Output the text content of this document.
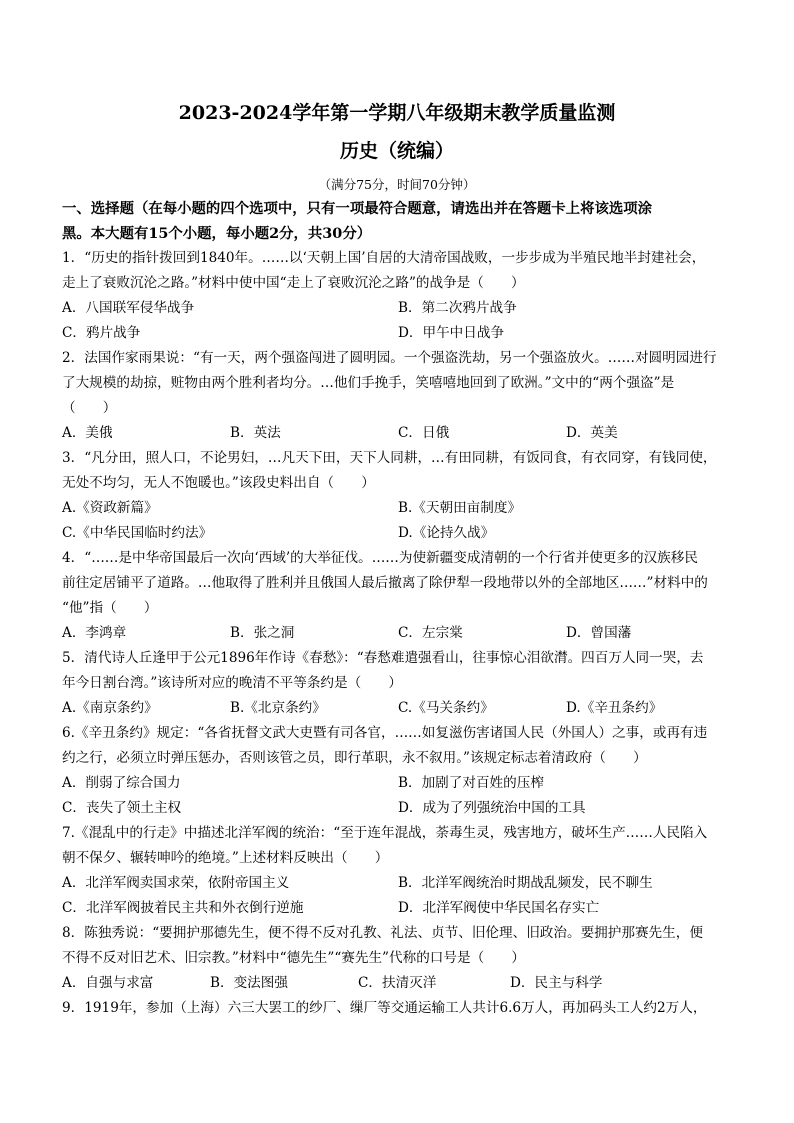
2023-2024学年第一学期八年级期末教学质量监测
历史（统编）
（满分75分，时间70分钟）
一、选择题（在每小题的四个选项中，只有一项最符合题意，请选出并在答题卡上将该选项涂
黑。本大题有15个小题，每小题2分，共30分）
1．“历史的指针拨回到1840年。……以‘天朝上国’自居的大清帝国战败，一步步成为半殖民地半封建社会，
走上了衰败沉沦之路。”材料中使中国“走上了衰败沉沦之路”的战争是（　　）
A．八国联军侵华战争	B．第二次鸦片战争
C．鸦片战争	D．甲午中日战争
2．法国作家雨果说：“有一天，两个强盗闯进了圆明园。一个强盗洗劫，另一个强盗放火。……对圆明园进行
了大规模的劫掠，赃物由两个胜利者均分。…他们手挽手，笑嘻嘻地回到了欧洲。”文中的“两个强盗”是
（　　）
A．美俄	B．英法	C．日俄	D．英美
3．“凡分田，照人口，不论男妇，…凡天下田，天下人同耕，…有田同耕，有饭同食，有衣同穿，有钱同使，
无处不均匀，无人不饱暖也。”该段史料出自（　　）
A.《资政新篇》	B.《天朝田亩制度》
C.《中华民国临时约法》	D.《论持久战》
4．“……是中华帝国最后一次向‘西域’的大举征伐。……为使新疆变成清朝的一个行省并使更多的汉族移民
前往定居铺平了道路。…他取得了胜利并且俄国人最后撤离了除伊犁一段地带以外的全部地区……”材料中的
“他”指（　　）
A．李鸿章	B．张之洞	C．左宗棠	D．曾国藩
5．清代诗人丘逢甲于公元1896年作诗《春愁》：“春愁难遣强看山，往事惊心泪欲潸。四百万人同一哭，去
年今日割台湾。”该诗所对应的晚清不平等条约是（　　）
A.《南京条约》	B.《北京条约》	C.《马关条约》	D.《辛丑条约》
6.《辛丑条约》规定：“各省抚督文武大吏暨有司各官，……如复滋伤害诸国人民（外国人）之事，或再有违
约之行，必须立时弹压惩办，否则该管之员，即行革职，永不叙用。”该规定标志着清政府（　　）
A．削弱了综合国力	B．加剧了对百姓的压榨
C．丧失了领土主权	D．成为了列强统治中国的工具
7.《混乱中的行走》中描述北洋军阀的统治：“至于连年混战，荼毒生灵，残害地方，破坏生产……人民陷入
朝不保夕、辗转呻吟的绝境。”上述材料反映出（　　）
A．北洋军阀卖国求荣，依附帝国主义	B．北洋军阀统治时期战乱频发，民不聊生
C．北洋军阀披着民主共和外衣倒行逆施	D．北洋军阀使中华民国名存实亡
8．陈独秀说：“要拥护那德先生，便不得不反对孔教、礼法、贞节、旧伦理、旧政治。要拥护那赛先生，便
不得不反对旧艺术、旧宗教。”材料中“德先生”“赛先生”代称的口号是（　　）
A．自强与求富	B．变法图强	C．扶清灭洋	D．民主与科学
9．1919年，参加（上海）六三大罢工的纱厂、缫厂等交通运输工人共计6.6万人，再加码头工人约2万人，
